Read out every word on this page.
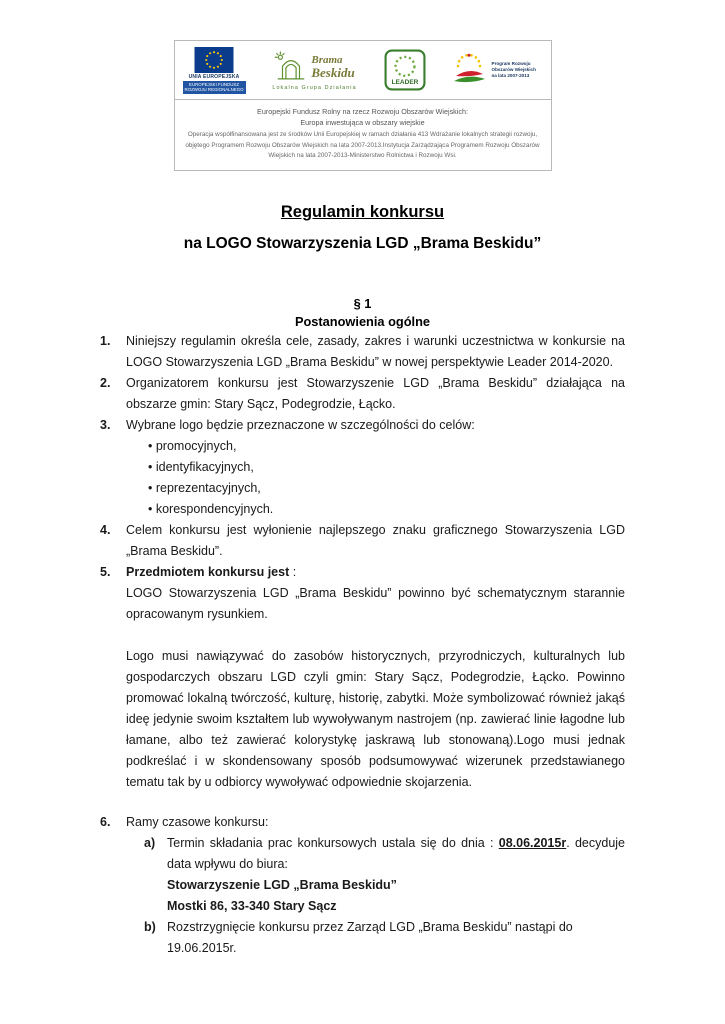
UNIA EUROPEJSKA
EUROPEJSKI FUNDUSZ
ROZWOJU REGIONALNEGO
Brama
Beskidu
Lokalna Grupa Działania
LEADER
Program Rozwoju Obszarów Wiejskich na lata 2007-2013

Europejski Fundusz Rolny na rzecz Rozwoju Obszarów Wiejskich:

Europa inwestująca w obszary wiejskie

Operacja współfinansowana jest ze środków Unii Europejskiej w ramach działania 413 Wdrażanie lokalnych strategii rozwoju, objętego Programem Rozwoju Obszarów Wiejskich na lata 2007-2013.Instytucja Zarządzająca Programem Rozwoju Obszarów Wiejskich na lata 2007-2013-Ministerstwo Rolnictwa i Rozwoju Wsi.

Regulamin konkursu
na LOGO Stowarzyszenia LGD „Brama Beskidu”
§ 1
Postanowienia ogólne
1.	Niniejszy regulamin określa cele, zasady, zakres i warunki uczestnictwa w konkursie na LOGO Stowarzyszenia LGD „Brama Beskidu” w nowej perspektywie Leader 2014-2020.

2.	Organizatorem konkursu jest Stowarzyszenie LGD „Brama Beskidu” działająca na obszarze gmin: Stary Sącz, Podegrodzie, Łącko.

3.	Wybrane logo będzie przeznaczone w szczególności do celów:

• promocyjnych,

• identyfikacyjnych,

• reprezentacyjnych,

• korespondencyjnych.

4.	Celem konkursu jest wyłonienie najlepszego znaku graficznego Stowarzyszenia LGD „Brama Beskidu”.

5.	Przedmiotem konkursu jest :

LOGO Stowarzyszenia LGD „Brama Beskidu” powinno być schematycznym starannie opracowanym rysunkiem.

Logo musi nawiązywać do zasobów historycznych, przyrodniczych, kulturalnych lub gospodarczych obszaru LGD czyli gmin: Stary Sącz, Podegrodzie, Łącko. Powinno promować lokalną twórczość, kulturę, historię, zabytki. Może symbolizować również jakąś ideę jedynie swoim kształtem lub wywoływanym nastrojem (np. zawierać linie łagodne lub łamane, albo też zawierać kolorystykę jaskrawą lub stonowaną).Logo musi jednak podkreślać i w skondensowany sposób podsumowywać wizerunek przedstawianego tematu tak by u odbiorcy wywoływać odpowiednie skojarzenia.

6.	Ramy czasowe konkursu:

a) Termin składania prac konkursowych ustala się do dnia : 08.06.2015r. decyduje data wpływu do biura:

Stowarzyszenie LGD „Brama Beskidu”

Mostki 86, 33-340 Stary Sącz

b) Rozstrzygnięcie konkursu przez Zarząd LGD „Brama Beskidu” nastąpi do 19.06.2015r.
